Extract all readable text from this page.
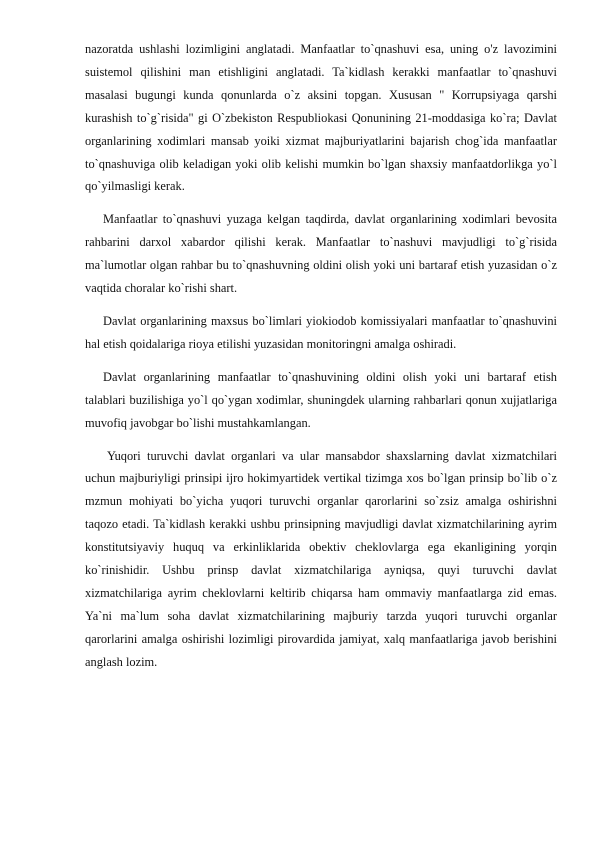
nazoratda ushlashi lozimligini anglatadi. Manfaatlar to`qnashuvi esa, uning o'z lavozimini suistemol qilishini man etishligini anglatadi. Ta`kidlash kerakki manfaatlar to`qnashuvi masalasi bugungi kunda qonunlarda o`z aksini topgan. Xususan " Korrupsiyaga qarshi kurashish to`g`risida" gi O`zbekiston Respubliokasi Qonunining 21-moddasiga ko`ra; Davlat organlarining xodimlari mansab yoiki xizmat majburiyatlarini bajarish chog`ida manfaatlar to`qnashuviga olib keladigan yoki olib kelishi mumkin bo`lgan shaxsiy manfaatdorlikga yo`l qo`yilmasligi kerak.

Manfaatlar to`qnashuvi yuzaga kelgan taqdirda, davlat organlarining xodimlari bevosita rahbarini darxol xabardor qilishi kerak. Manfaatlar to`nashuvi mavjudligi to`g`risida ma`lumotlar olgan rahbar bu to`qnashuvning oldini olish yoki uni bartaraf etish yuzasidan o`z vaqtida choralar ko`rishi shart.

Davlat organlarining maxsus bo`limlari yiokiodob komissiyalari manfaatlar to`qnashuvini hal etish qoidalariga rioya etilishi yuzasidan monitoringni amalga oshiradi.

Davlat organlarining manfaatlar to`qnashuvining oldini olish yoki uni bartaraf etish talablari buzilishiga yo`l qo`ygan xodimlar, shuningdek ularning rahbarlari qonun xujjatlariga muvofiq javobgar bo`lishi mustahkamlangan.

Yuqori turuvchi davlat organlari va ular mansabdor shaxslarning davlat xizmatchilari uchun majburiyligi prinsipi ijro hokimyartidek vertikal tizimga xos bo`lgan prinsip bo`lib o`z mzmun mohiyati bo`yicha yuqori turuvchi organlar qarorlarini so`zsiz amalga oshirishni taqozo etadi. Ta`kidlash kerakki ushbu prinsipning mavjudligi davlat xizmatchilarining ayrim konstitutsiyaviy huquq va erkinliklarida obektiv cheklovlarga ega ekanligining yorqin ko`rinishidir. Ushbu prinsp davlat xizmatchilariga ayniqsa, quyi turuvchi davlat xizmatchilariga ayrim cheklovlarni keltirib chiqarsa ham ommaviy manfaatlarga zid emas. Ya`ni ma`lum soha davlat xizmatchilarining majburiy tarzda yuqori turuvchi organlar qarorlarini amalga oshirishi lozimligi pirovardida jamiyat, xalq manfaatlariga javob berishini anglash lozim.
